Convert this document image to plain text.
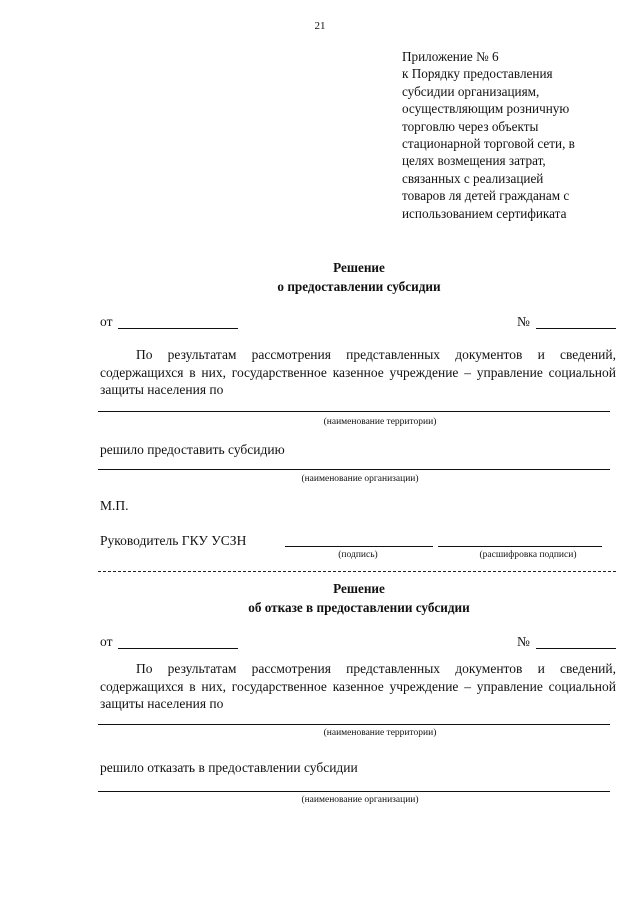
21
Приложение № 6
к Порядку предоставления
субсидии организациям,
осуществляющим розничную
торговлю через объекты
стационарной торговой сети, в
целях возмещения затрат,
связанных с реализацией
товаров ля детей гражданам с
использованием сертификата
Решение
о предоставлении субсидии
от	№
По результатам рассмотрения представленных документов и сведений, содержащихся в них, государственное казенное учреждение – управление социальной защиты населения по
(наименование территории)
решило предоставить субсидию
(наименование организации)
М.П.
Руководитель ГКУ УСЗН
(подпись)	(расшифровка подписи)
Решение
об отказе в предоставлении субсидии
от	№
По результатам рассмотрения представленных документов и сведений, содержащихся в них, государственное казенное учреждение – управление социальной защиты населения по
(наименование территории)
решило отказать в предоставлении субсидии
(наименование организации)
